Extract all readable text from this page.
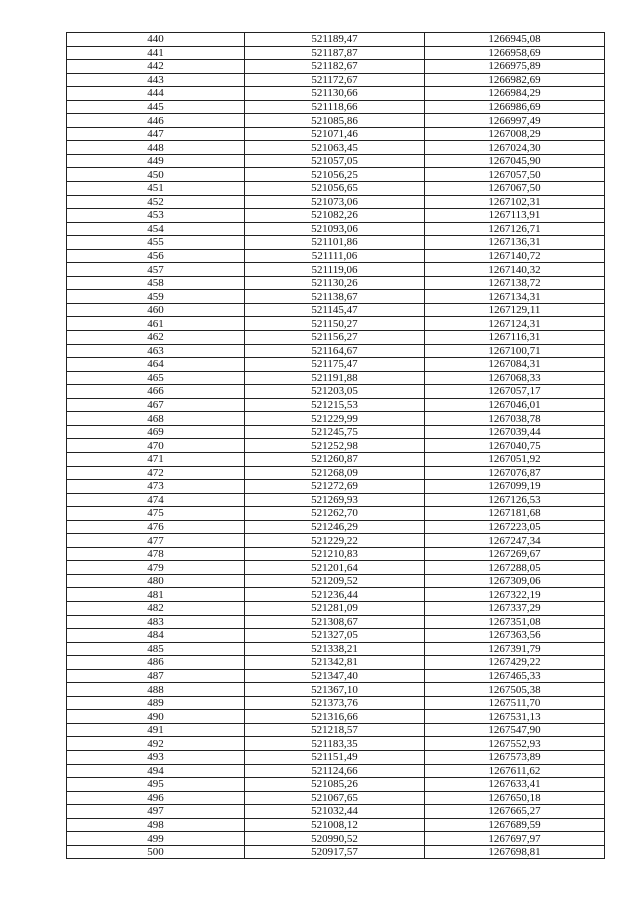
440	521189,47	1266945,08
441	521187,87	1266958,69
442	521182,67	1266975,89
443	521172,67	1266982,69
444	521130,66	1266984,29
445	521118,66	1266986,69
446	521085,86	1266997,49
447	521071,46	1267008,29
448	521063,45	1267024,30
449	521057,05	1267045,90
450	521056,25	1267057,50
451	521056,65	1267067,50
452	521073,06	1267102,31
453	521082,26	1267113,91
454	521093,06	1267126,71
455	521101,86	1267136,31
456	521111,06	1267140,72
457	521119,06	1267140,32
458	521130,26	1267138,72
459	521138,67	1267134,31
460	521145,47	1267129,11
461	521150,27	1267124,31
462	521156,27	1267116,31
463	521164,67	1267100,71
464	521175,47	1267084,31
465	521191,88	1267068,33
466	521203,05	1267057,17
467	521215,53	1267046,01
468	521229,99	1267038,78
469	521245,75	1267039,44
470	521252,98	1267040,75
471	521260,87	1267051,92
472	521268,09	1267076,87
473	521272,69	1267099,19
474	521269,93	1267126,53
475	521262,70	1267181,68
476	521246,29	1267223,05
477	521229,22	1267247,34
478	521210,83	1267269,67
479	521201,64	1267288,05
480	521209,52	1267309,06
481	521236,44	1267322,19
482	521281,09	1267337,29
483	521308,67	1267351,08
484	521327,05	1267363,56
485	521338,21	1267391,79
486	521342,81	1267429,22
487	521347,40	1267465,33
488	521367,10	1267505,38
489	521373,76	1267511,70
490	521316,66	1267531,13
491	521218,57	1267547,90
492	521183,35	1267552,93
493	521151,49	1267573,89
494	521124,66	1267611,62
495	521085,26	1267633,41
496	521067,65	1267650,18
497	521032,44	1267665,27
498	521008,12	1267689,59
499	520990,52	1267697,97
500	520917,57	1267698,81
